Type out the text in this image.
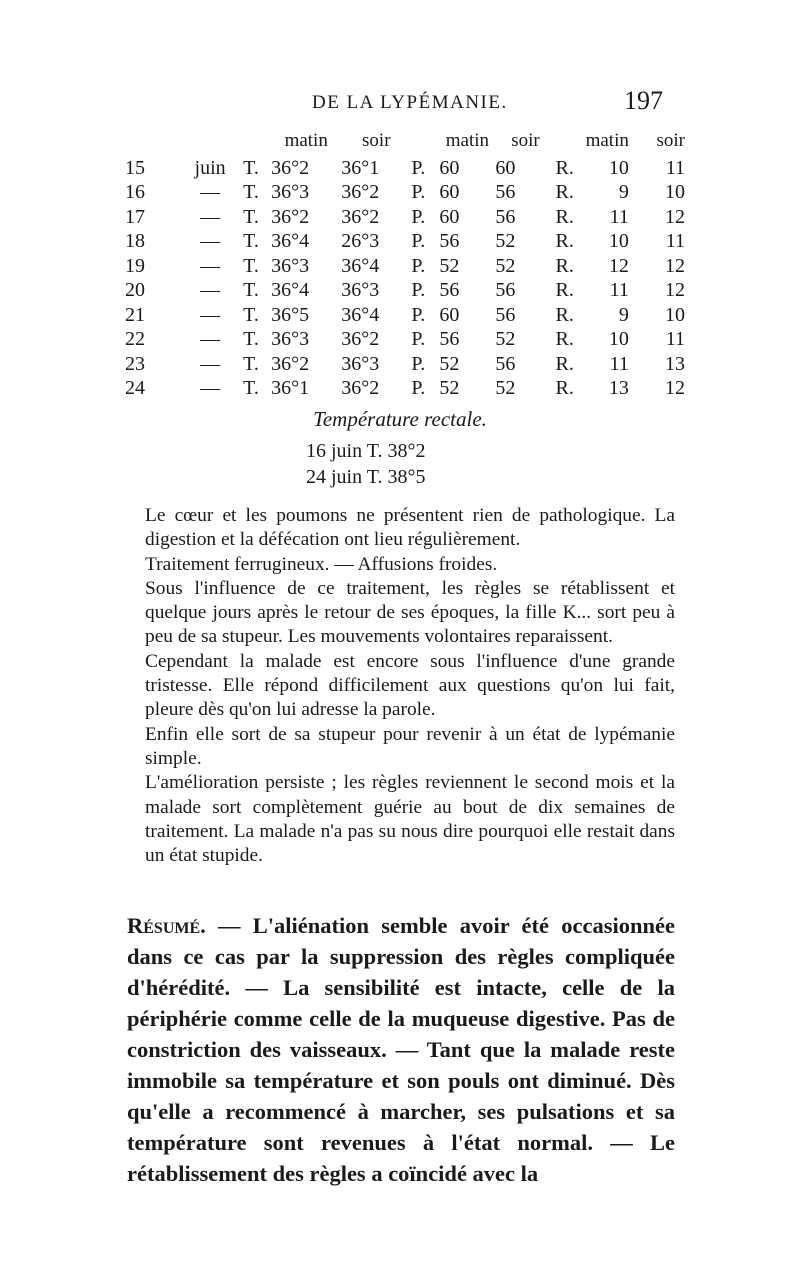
DE LA LYPÉMANIE.	197
			matin	soir		matin	soir		matin	soir
15	juin	T.	36°2	36°1	P.	60	60	R.	10	11
16	—	T.	36°3	36°2	P.	60	56	R.	9	10
17	—	T.	36°2	36°2	P.	60	56	R.	11	12
18	—	T.	36°4	26°3	P.	56	52	R.	10	11
19	—	T.	36°3	36°4	P.	52	52	R.	12	12
20	—	T.	36°4	36°3	P.	56	56	R.	11	12
21	—	T.	36°5	36°4	P.	60	56	R.	9	10
22	—	T.	36°3	36°2	P.	56	52	R.	10	11
23	—	T.	36°2	36°3	P.	52	56	R.	11	13
24	—	T.	36°1	36°2	P.	52	52	R.	13	12
Température rectale.
16 juin T. 38°2
24 juin T. 38°5

Le cœur et les poumons ne présentent rien de pathologique. La digestion et la défécation ont lieu régulièrement.

Traitement ferrugineux. — Affusions froides.

Sous l'influence de ce traitement, les règles se rétablissent et quelque jours après le retour de ses époques, la fille K... sort peu à peu de sa stupeur. Les mouvements volontaires reparaissent.

Cependant la malade est encore sous l'influence d'une grande tristesse. Elle répond difficilement aux questions qu'on lui fait, pleure dès qu'on lui adresse la parole.

Enfin elle sort de sa stupeur pour revenir à un état de lypémanie simple.

L'amélioration persiste ; les règles reviennent le second mois et la malade sort complètement guérie au bout de dix semaines de traitement. La malade n'a pas su nous dire pourquoi elle restait dans un état stupide.

Résumé. — L'aliénation semble avoir été occasionnée dans ce cas par la suppression des règles compliquée d'hérédité. — La sensibilité est intacte, celle de la périphérie comme celle de la muqueuse digestive. Pas de constriction des vaisseaux. — Tant que la malade reste immobile sa température et son pouls ont diminué. Dès qu'elle a recommencé à marcher, ses pulsations et sa température sont revenues à l'état normal. — Le rétablissement des règles a coïncidé avec la
